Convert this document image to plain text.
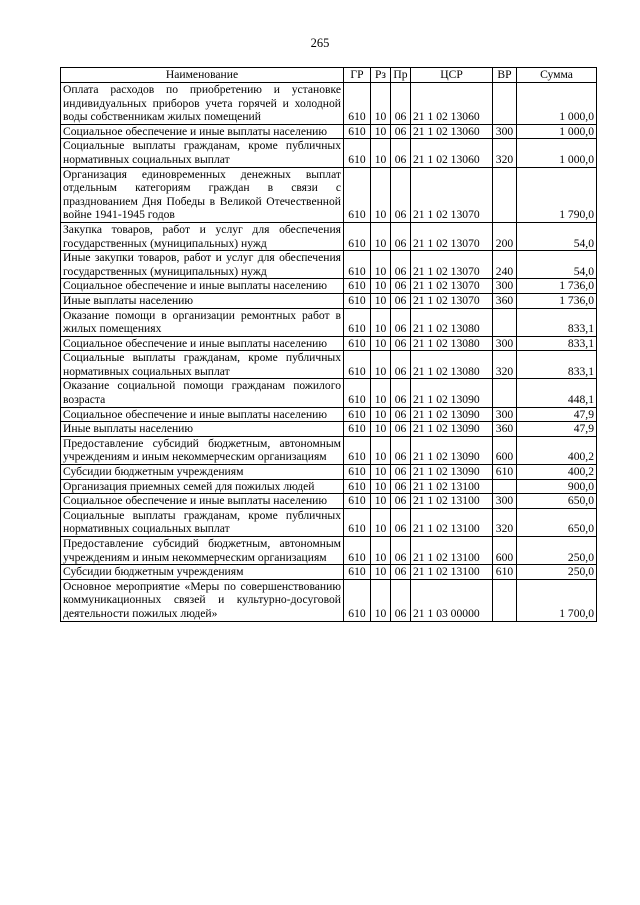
265
Наименование	ГР	Рз	Пр	ЦСР	ВР	Сумма
Оплата расходов по приобретению и установке индивидуальных приборов учета горячей и холодной воды собственникам жилых помещений	610	10	06	21 1 02 13060		1 000,0
Социальное обеспечение и иные выплаты населению	610	10	06	21 1 02 13060	300	1 000,0
Социальные выплаты гражданам, кроме публичных нормативных социальных выплат	610	10	06	21 1 02 13060	320	1 000,0
Организация единовременных денежных выплат отдельным категориям граждан в связи с празднованием Дня Победы в Великой Отечественной войне 1941-1945 годов	610	10	06	21 1 02 13070		1 790,0
Закупка товаров, работ и услуг для обеспечения государственных (муниципальных) нужд	610	10	06	21 1 02 13070	200	54,0
Иные закупки товаров, работ и услуг для обеспечения государственных (муниципальных) нужд	610	10	06	21 1 02 13070	240	54,0
Социальное обеспечение и иные выплаты населению	610	10	06	21 1 02 13070	300	1 736,0
Иные выплаты населению	610	10	06	21 1 02 13070	360	1 736,0
Оказание помощи в организации ремонтных работ в жилых помещениях	610	10	06	21 1 02 13080		833,1
Социальное обеспечение и иные выплаты населению	610	10	06	21 1 02 13080	300	833,1
Социальные выплаты гражданам, кроме публичных нормативных социальных выплат	610	10	06	21 1 02 13080	320	833,1
Оказание социальной помощи гражданам пожилого возраста	610	10	06	21 1 02 13090		448,1
Социальное обеспечение и иные выплаты населению	610	10	06	21 1 02 13090	300	47,9
Иные выплаты населению	610	10	06	21 1 02 13090	360	47,9
Предоставление субсидий бюджетным, автономным учреждениям и иным некоммерческим организациям	610	10	06	21 1 02 13090	600	400,2
Субсидии бюджетным учреждениям	610	10	06	21 1 02 13090	610	400,2
Организация приемных семей для пожилых людей	610	10	06	21 1 02 13100		900,0
Социальное обеспечение и иные выплаты населению	610	10	06	21 1 02 13100	300	650,0
Социальные выплаты гражданам, кроме публичных нормативных социальных выплат	610	10	06	21 1 02 13100	320	650,0
Предоставление субсидий бюджетным, автономным учреждениям и иным некоммерческим организациям	610	10	06	21 1 02 13100	600	250,0
Субсидии бюджетным учреждениям	610	10	06	21 1 02 13100	610	250,0
Основное мероприятие «Меры по совершенствованию коммуникационных связей и культурно-досуговой деятельности пожилых людей»	610	10	06	21 1 03 00000		1 700,0
